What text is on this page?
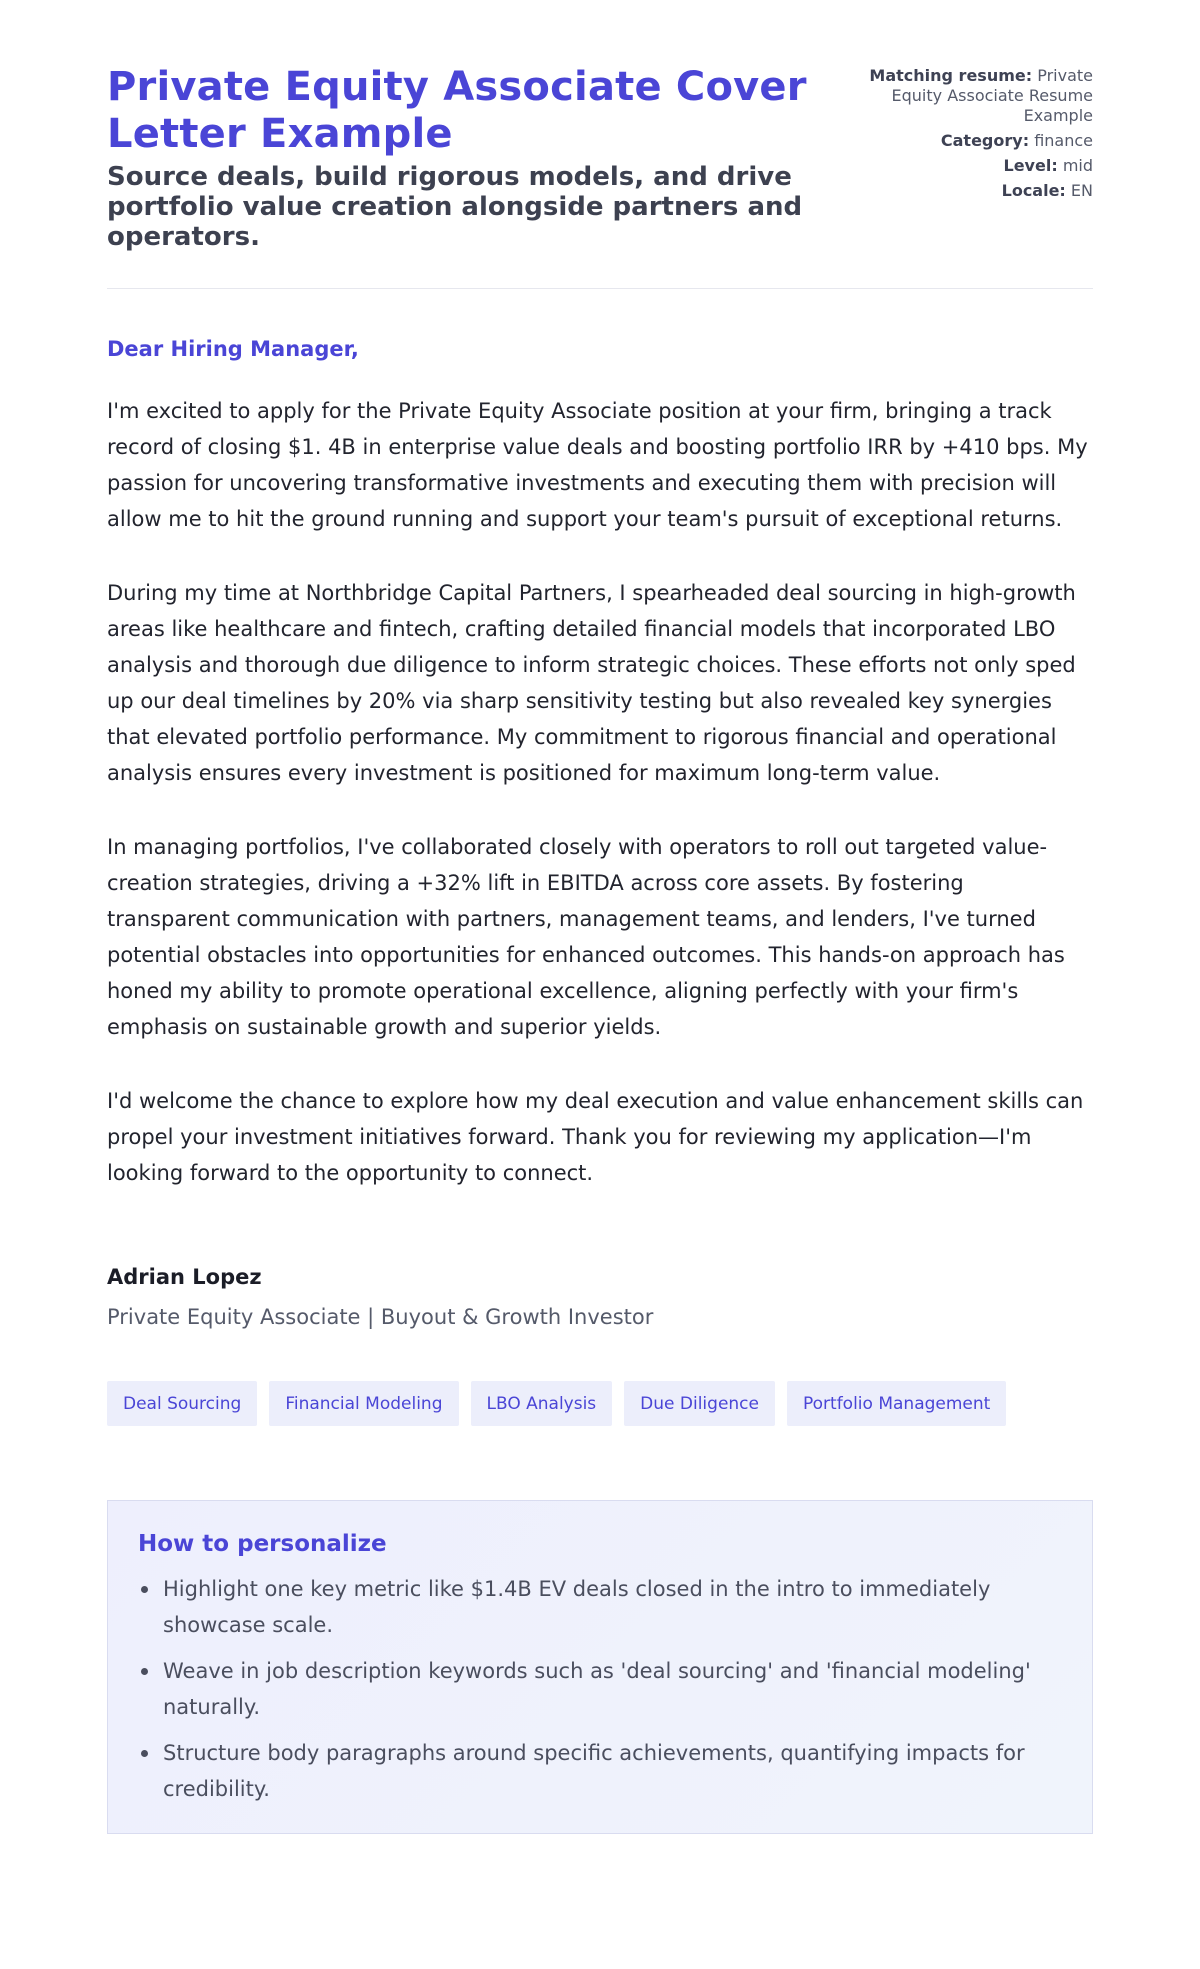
Private Equity Associate Cover Letter Example
Source deals, build rigorous models, and drive portfolio value creation alongside partners and operators.
Matching resume: Private Equity Associate Resume Example
Category: finance
Level: mid
Locale: EN

Dear Hiring Manager,

I'm excited to apply for the Private Equity Associate position at your firm, bringing a track record of closing $1. 4B in enterprise value deals and boosting portfolio IRR by +410 bps. My passion for uncovering transformative investments and executing them with precision will allow me to hit the ground running and support your team's pursuit of exceptional returns.

During my time at Northbridge Capital Partners, I spearheaded deal sourcing in high-growth areas like healthcare and fintech, crafting detailed financial models that incorporated LBO analysis and thorough due diligence to inform strategic choices. These efforts not only sped up our deal timelines by 20% via sharp sensitivity testing but also revealed key synergies that elevated portfolio performance. My commitment to rigorous financial and operational analysis ensures every investment is positioned for maximum long-term value.

In managing portfolios, I've collaborated closely with operators to roll out targeted value-creation strategies, driving a +32% lift in EBITDA across core assets. By fostering transparent communication with partners, management teams, and lenders, I've turned potential obstacles into opportunities for enhanced outcomes. This hands-on approach has honed my ability to promote operational excellence, aligning perfectly with your firm's emphasis on sustainable growth and superior yields.

I'd welcome the chance to explore how my deal execution and value enhancement skills can propel your investment initiatives forward. Thank you for reviewing my application—I'm looking forward to the opportunity to connect.

Adrian Lopez

Private Equity Associate | Buyout & Growth Investor

Deal Sourcing	Financial Modeling	LBO Analysis	Due Diligence	Portfolio Management
How to personalize
Highlight one key metric like $1.4B EV deals closed in the intro to immediately showcase scale.
Weave in job description keywords such as 'deal sourcing' and 'financial modeling' naturally.
Structure body paragraphs around specific achievements, quantifying impacts for credibility.
